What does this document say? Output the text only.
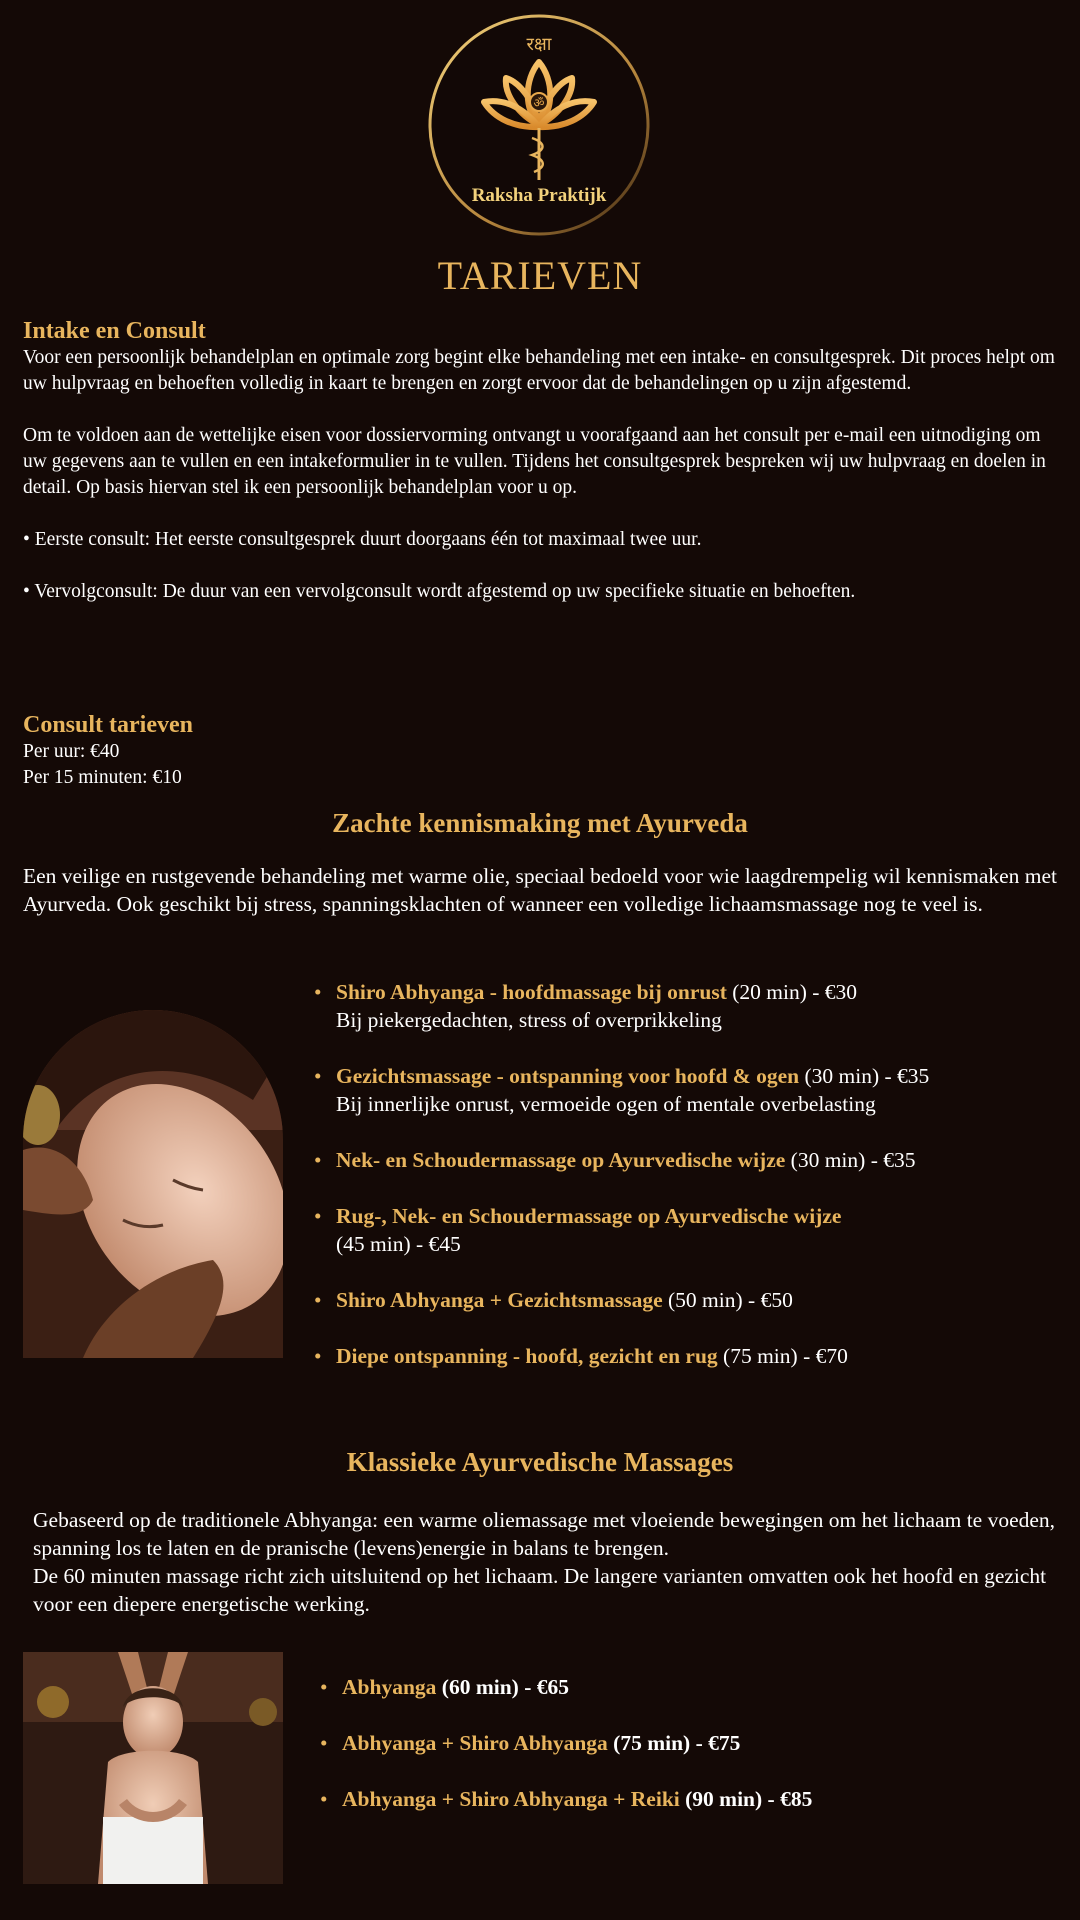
ॐ
रक्षा
Raksha Praktijk
TARIEVEN
Intake en Consult
Voor een persoonlijk behandelplan en optimale zorg begint elke behandeling met een intake- en consultgesprek. Dit proces helpt om uw hulpvraag en behoeften volledig in kaart te brengen en zorgt ervoor dat de behandelingen op u zijn afgestemd.
Om te voldoen aan de wettelijke eisen voor dossiervorming ontvangt u voorafgaand aan het consult per e-mail een uitnodiging om uw gegevens aan te vullen en een intakeformulier in te vullen. Tijdens het consultgesprek bespreken wij uw hulpvraag en doelen in detail. Op basis hiervan stel ik een persoonlijk behandelplan voor u op.
• Eerste consult: Het eerste consultgesprek duurt doorgaans één tot maximaal twee uur.
• Vervolgconsult: De duur van een vervolgconsult wordt afgestemd op uw specifieke situatie en behoeften.
Consult tarieven
Per uur: €40
Per 15 minuten: €10
Zachte kennismaking met Ayurveda
Een veilige en rustgevende behandeling met warme olie, speciaal bedoeld voor wie laagdrempelig wil kennismaken met Ayurveda. Ook geschikt bij stress, spanningsklachten of wanneer een volledige lichaamsmassage nog te veel is.
• Shiro Abhyanga - hoofdmassage bij onrust (20 min) - €30
Bij piekergedachten, stress of overprikkeling
• Gezichtsmassage - ontspanning voor hoofd & ogen (30 min) - €35
Bij innerlijke onrust, vermoeide ogen of mentale overbelasting
• Nek- en Schoudermassage op Ayurvedische wijze (30 min) - €35
• Rug-, Nek- en Schoudermassage op Ayurvedische wijze
(45 min) - €45
• Shiro Abhyanga + Gezichtsmassage (50 min) - €50
• Diepe ontspanning - hoofd, gezicht en rug (75 min) - €70
Klassieke Ayurvedische Massages
Gebaseerd op de traditionele Abhyanga: een warme oliemassage met vloeiende bewegingen om het lichaam te voeden, spanning los te laten en de pranische (levens)energie in balans te brengen.
De 60 minuten massage richt zich uitsluitend op het lichaam. De langere varianten omvatten ook het hoofd en gezicht voor een diepere energetische werking.
• Abhyanga (60 min) - €65
• Abhyanga + Shiro Abhyanga (75 min) - €75
• Abhyanga + Shiro Abhyanga + Reiki (90 min) - €85
